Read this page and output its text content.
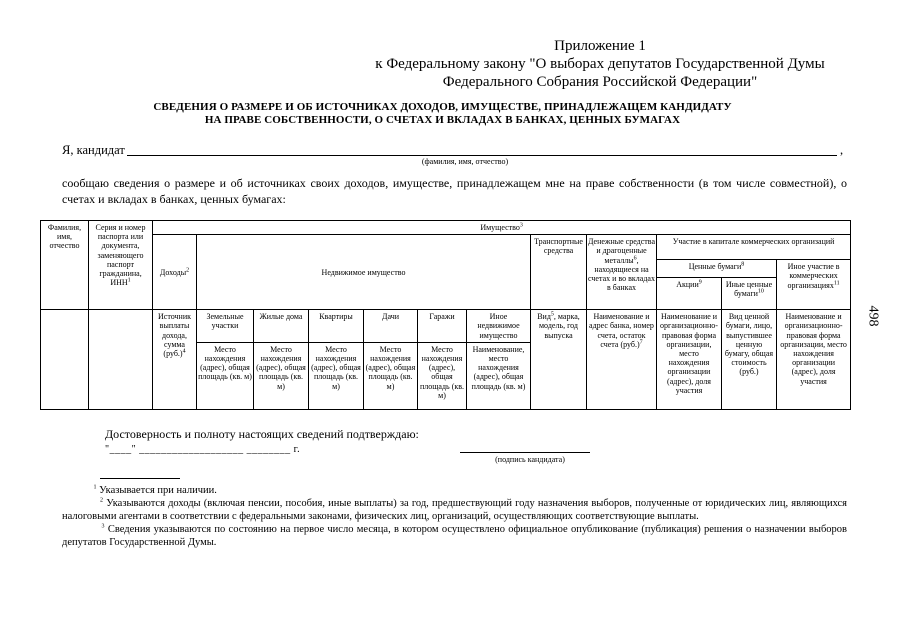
Приложение 1
к Федеральному закону "О выборах депутатов Государственной Думы
Федерального Собрания Российской Федерации"
СВЕДЕНИЯ О РАЗМЕРЕ И ОБ ИСТОЧНИКАХ ДОХОДОВ, ИМУЩЕСТВЕ, ПРИНАДЛЕЖАЩЕМ КАНДИДАТУ
НА ПРАВЕ СОБСТВЕННОСТИ, О СЧЕТАХ И ВКЛАДАХ В БАНКАХ, ЦЕННЫХ БУМАГАХ
Я, кандидат	,
(фамилия, имя, отчество)
сообщаю сведения о размере и об источниках своих доходов, имуществе, принадлежащем мне на праве собственности (в том числе совместной), о счетах и вкладах в банках, ценных бумагах:
498
Фамилия, имя, отчество	Серия и номер паспорта или документа, заменяющего паспорт гражданина, ИНН$^1$	Имущество$^3$
		Доходы$^2$	Недвижимое имущество						Транспортные средства	Денежные средства и драгоценные металлы$^6$, находящиеся на счетах и во вкладах в банках	Участие в капитале коммерческих организаций		
											Ценные бумаги$^8$		Иное участие в коммерческих организациях$^{11}$
											Акции$^9$	Иные ценные бумаги$^{10}$
		Источник выплаты дохода, сумма $(руб.)^4$	Земельные участки	Жилые дома	Квартиры	Дачи	Гаражи	Иное недвижимое имущество	Вид$^5$, марка, модель, год выпуска	Наименование и адрес банка, номер счета, остаток счета $(руб.)^7$	Наименование и организационно-правовая форма организации, место нахождения организации (адрес), доля участия	Вид ценной бумаги, лицо, выпустившее ценную бумагу, общая стоимость (руб.)	Наименование и организационно-правовая форма организации, место нахождения организации (адрес), доля участия
			Место нахождения (адрес), общая площадь (кв. м)	Место нахождения (адрес), общая площадь (кв. м)	Место нахождения (адрес), общая площадь (кв. м)	Место нахождения (адрес), общая площадь (кв. м)	Место нахождения (адрес), общая площадь (кв. м)	Наименование, место нахождения (адрес), общая площадь (кв. м)					
Достоверность и полноту настоящих сведений подтверждаю:
"____" ___________________ ________ г.
(подпись кандидата)
$^1$ Указывается при наличии.
$^2$ Указываются доходы (включая пенсии, пособия, иные выплаты) за год, предшествующий году назначения выборов, полученные от юридических лиц, являющихся налоговыми агентами в соответствии с федеральными законами, физических лиц, организаций, осуществляющих соответствующие выплаты.
$^3$ Сведения указываются по состоянию на первое число месяца, в котором осуществлено официальное опубликование (публикация) решения о назначении выборов депутатов Государственной Думы.
